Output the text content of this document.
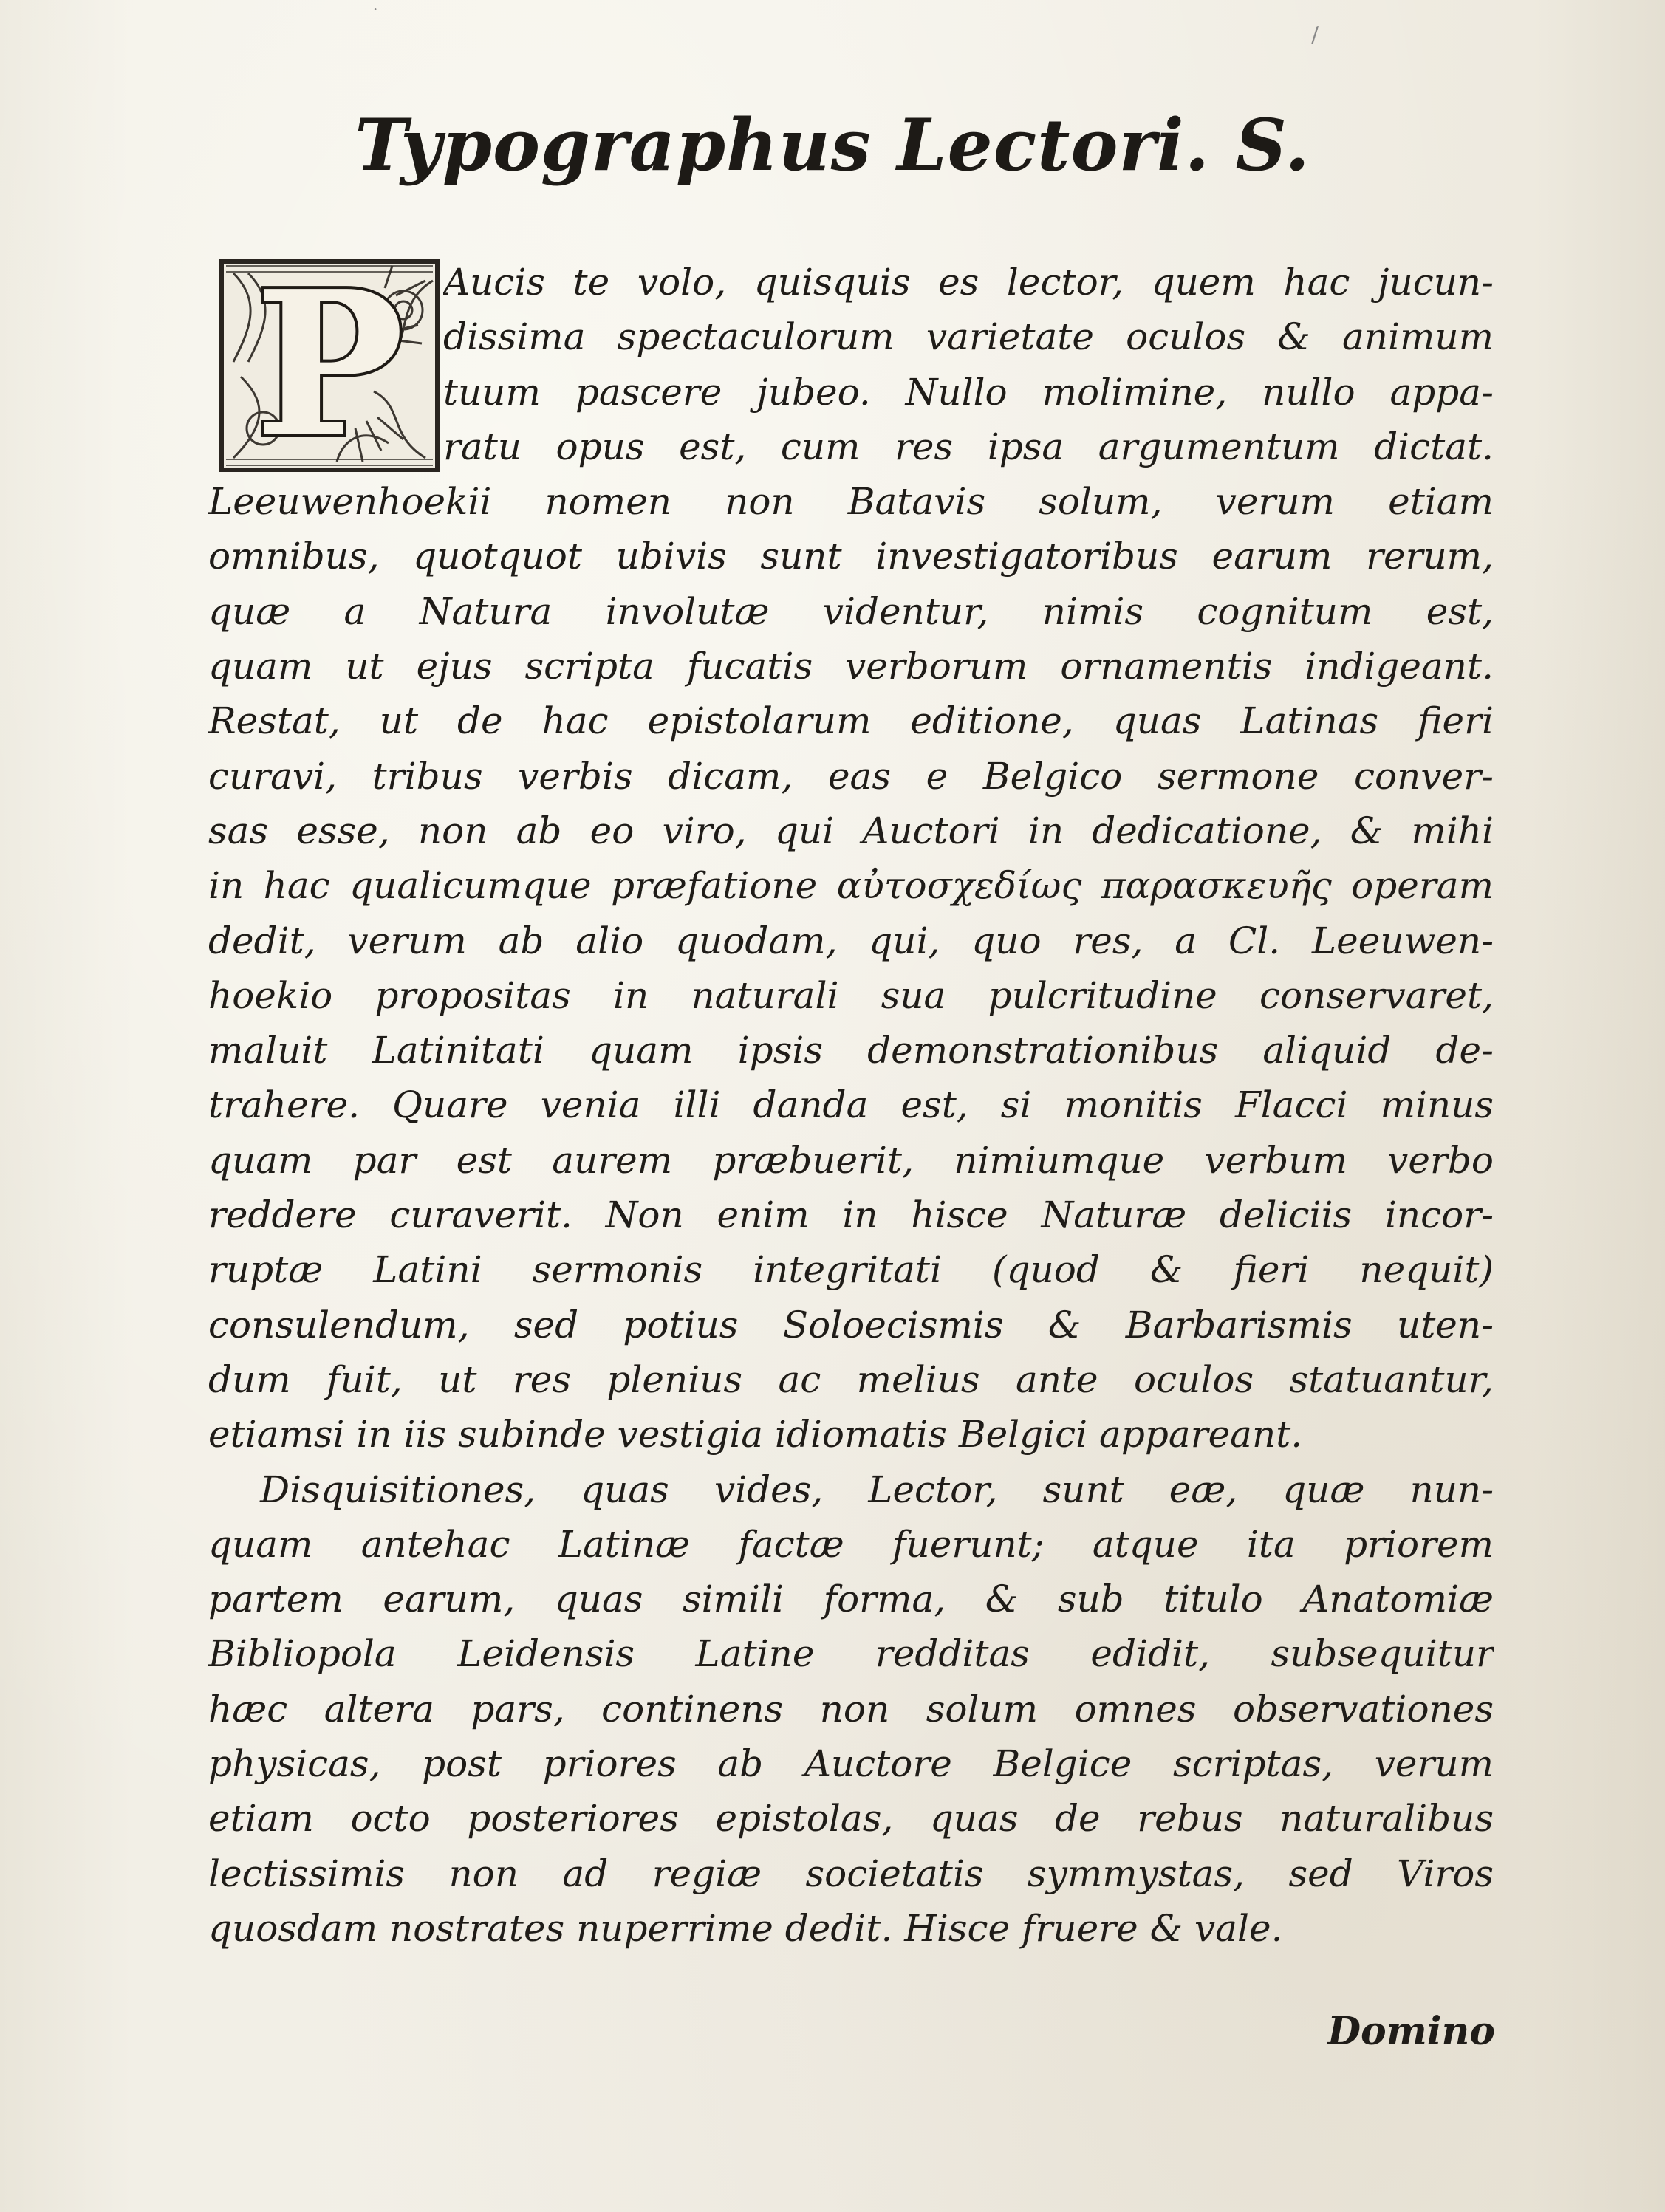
·
/
Typographus Lectori. S.
P Aucis te volo, quisquis es lector, quem hac jucun-
dissima spectaculorum varietate oculos & animum
tuum pascere jubeo. Nullo molimine, nullo appa-
ratu opus est, cum res ipsa argumentum dictat.
Leeuwenhoekii nomen non Batavis solum, verum etiam
omnibus, quotquot ubivis sunt investigatoribus earum rerum,
quæ a Natura involutæ videntur, nimis cognitum est,
quam ut ejus scripta fucatis verborum ornamentis indigeant.
Restat, ut de hac epistolarum editione, quas Latinas fieri
curavi, tribus verbis dicam, eas e Belgico sermone conver-
sas esse, non ab eo viro, qui Auctori in dedicatione, & mihi
in hac qualicumque præfatione αὐτοσχεδίως παρασκευῆς operam
dedit, verum ab alio quodam, qui, quo res, a Cl. Leeuwen-
hoekio propositas in naturali sua pulcritudine conservaret,
maluit Latinitati quam ipsis demonstrationibus aliquid de-
trahere. Quare venia illi danda est, si monitis Flacci minus
quam par est aurem præbuerit, nimiumque verbum verbo
reddere curaverit. Non enim in hisce Naturæ deliciis incor-
ruptæ Latini sermonis integritati (quod & fieri nequit)
consulendum, sed potius Soloecismis & Barbarismis uten-
dum fuit, ut res plenius ac melius ante oculos statuantur,
etiamsi in iis subinde vestigia idiomatis Belgici appareant.
Disquisitiones, quas vides, Lector, sunt eæ, quæ nun-
quam antehac Latinæ factæ fuerunt; atque ita priorem
partem earum, quas simili forma, & sub titulo Anatomiæ
Bibliopola Leidensis Latine redditas edidit, subsequitur
hæc altera pars, continens non solum omnes observationes
physicas, post priores ab Auctore Belgice scriptas, verum
etiam octo posteriores epistolas, quas de rebus naturalibus
lectissimis non ad regiæ societatis symmystas, sed Viros
quosdam nostrates nuperrime dedit. Hisce fruere & vale.
Domino
